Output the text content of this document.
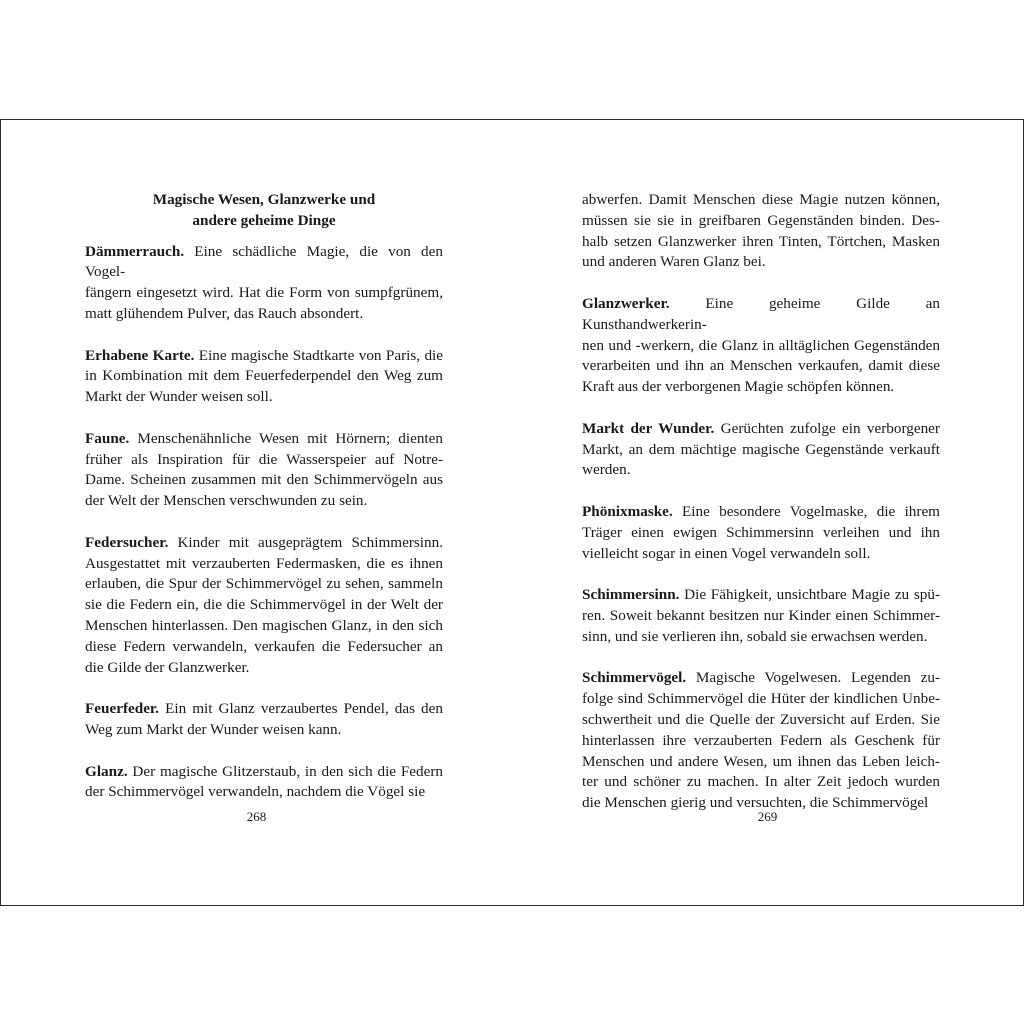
Magische Wesen, Glanzwerke und
andere geheime Dinge

Dämmerrauch. Eine schädliche Magie, die von den Vogel-
fängern eingesetzt wird. Hat die Form von sumpfgrünem,
matt glühendem Pulver, das Rauch absondert.

Erhabene Karte. Eine magische Stadtkarte von Paris, die
in Kombination mit dem Feuerfederpendel den Weg zum
Markt der Wunder weisen soll.

Faune. Menschenähnliche Wesen mit Hörnern; dienten
früher als Inspiration für die Wasserspeier auf Notre-
Dame. Scheinen zusammen mit den Schimmervögeln aus
der Welt der Menschen verschwunden zu sein.

Federsucher. Kinder mit ausgeprägtem Schimmersinn.
Ausgestattet mit verzauberten Federmasken, die es ihnen
erlauben, die Spur der Schimmervögel zu sehen, sammeln
sie die Federn ein, die die Schimmervögel in der Welt der
Menschen hinterlassen. Den magischen Glanz, in den sich
diese Federn verwandeln, verkaufen die Federsucher an
die Gilde der Glanzwerker.

Feuerfeder. Ein mit Glanz verzaubertes Pendel, das den
Weg zum Markt der Wunder weisen kann.

Glanz. Der magische Glitzerstaub, in den sich die Federn
der Schimmervögel verwandeln, nachdem die Vögel sie

268

abwerfen. Damit Menschen diese Magie nutzen können,
müssen sie sie in greifbaren Gegenständen binden. Des-
halb setzen Glanzwerker ihren Tinten, Törtchen, Masken
und anderen Waren Glanz bei.

Glanzwerker. Eine geheime Gilde an Kunsthandwerkerin-
nen und -werkern, die Glanz in alltäglichen Gegenständen
verarbeiten und ihn an Menschen verkaufen, damit diese
Kraft aus der verborgenen Magie schöpfen können.

Markt der Wunder. Gerüchten zufolge ein verborgener
Markt, an dem mächtige magische Gegenstände verkauft
werden.

Phönixmaske. Eine besondere Vogelmaske, die ihrem
Träger einen ewigen Schimmersinn verleihen und ihn
vielleicht sogar in einen Vogel verwandeln soll.

Schimmersinn. Die Fähigkeit, unsichtbare Magie zu spü-
ren. Soweit bekannt besitzen nur Kinder einen Schimmer-
sinn, und sie verlieren ihn, sobald sie erwachsen werden.

Schimmervögel. Magische Vogelwesen. Legenden zu-
folge sind Schimmervögel die Hüter der kindlichen Unbe-
schwertheit und die Quelle der Zuversicht auf Erden. Sie
hinterlassen ihre verzauberten Federn als Geschenk für
Menschen und andere Wesen, um ihnen das Leben leich-
ter und schöner zu machen. In alter Zeit jedoch wurden
die Menschen gierig und versuchten, die Schimmervögel

269
